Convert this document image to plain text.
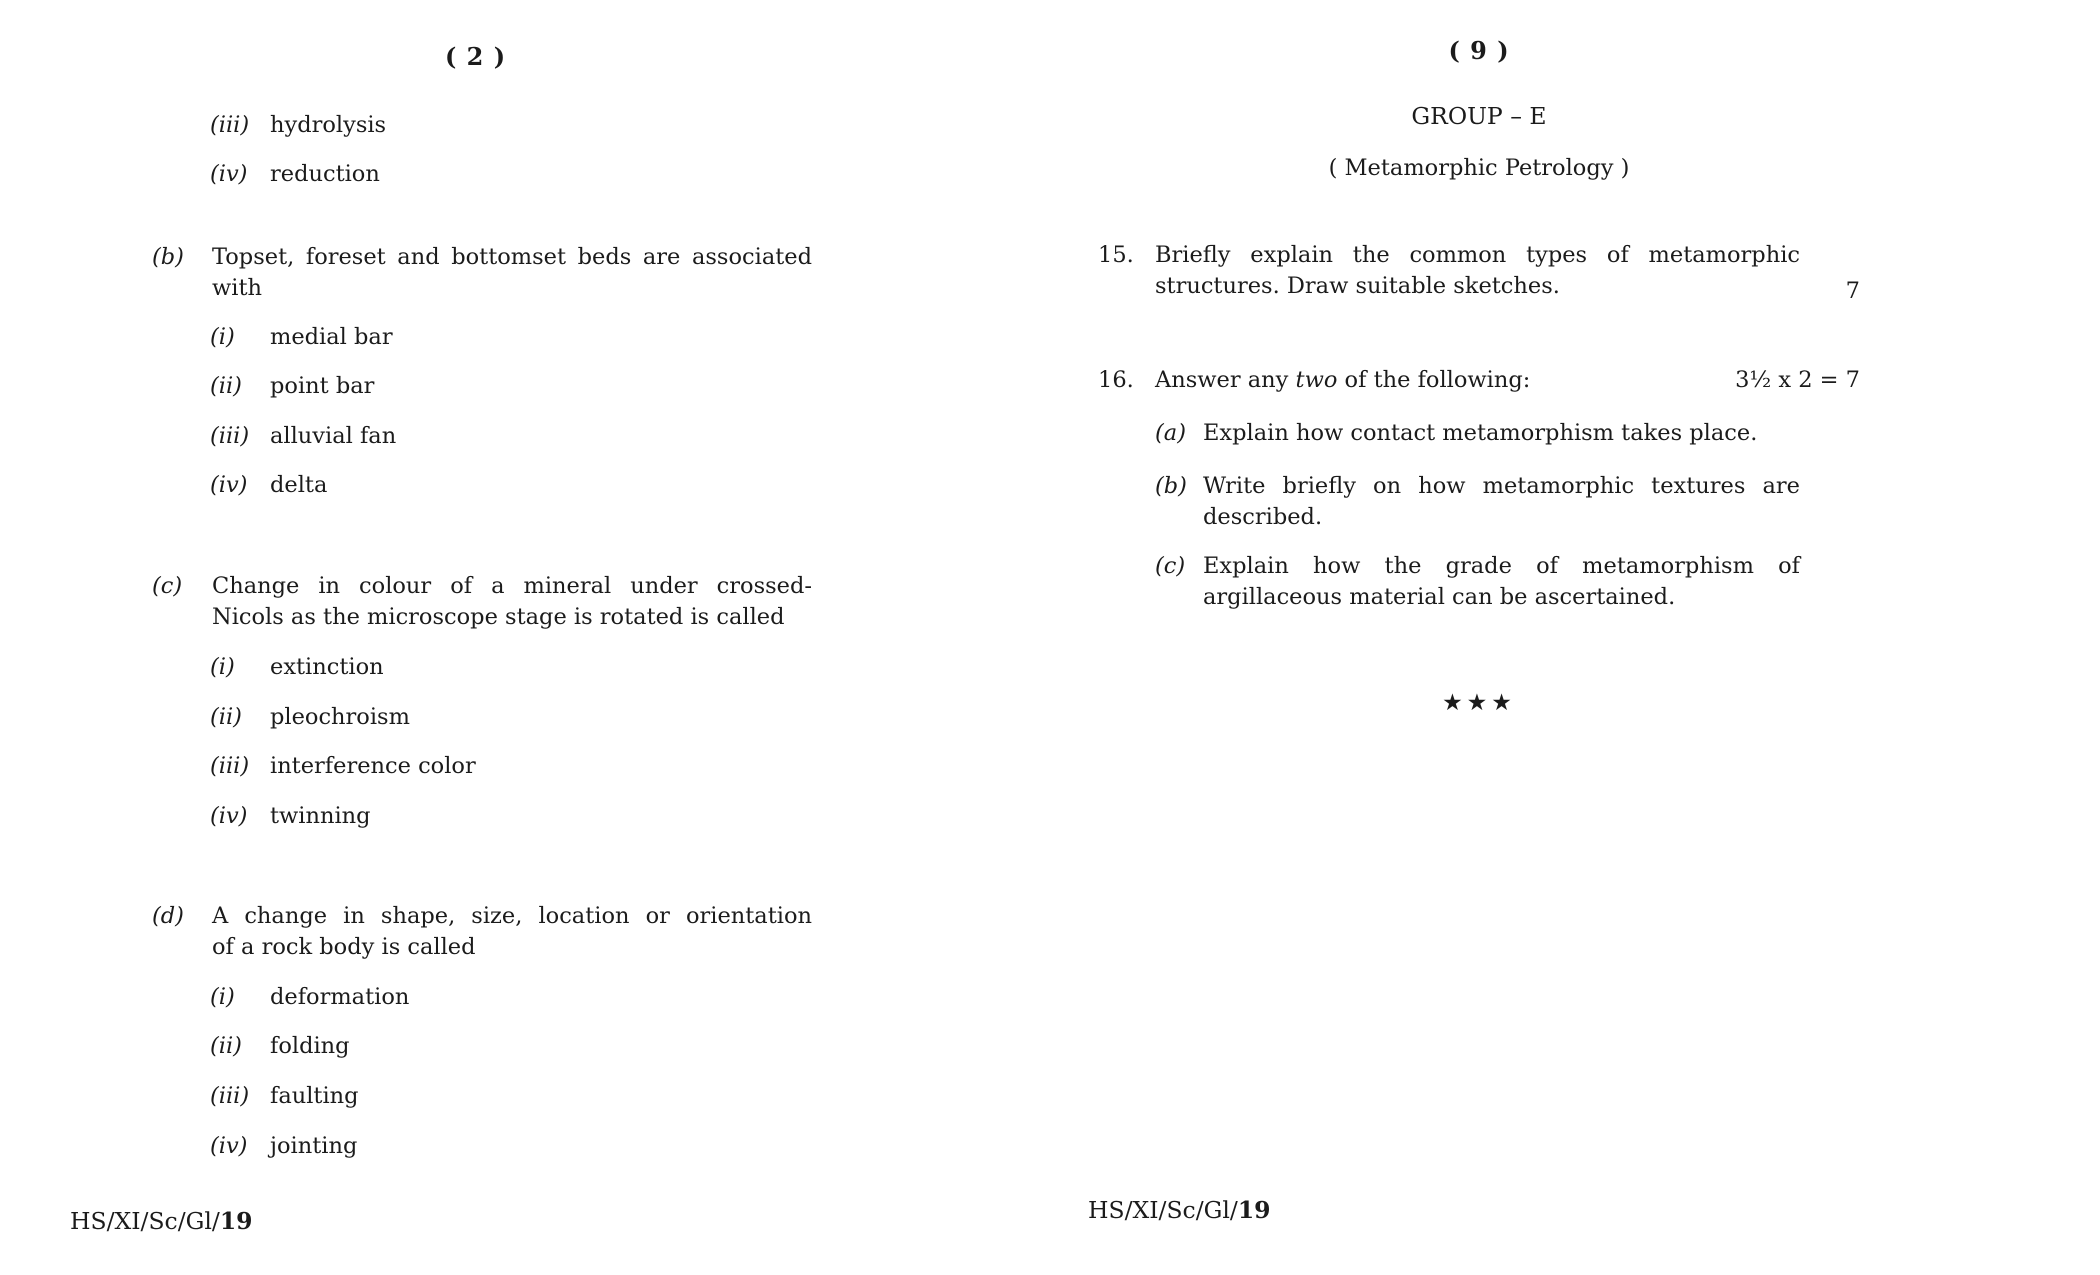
( 2 )
(iii) hydrolysis
(iv) reduction
(b) Topset, foreset and bottomset beds are associated
with
(i) medial bar
(ii) point bar
(iii) alluvial fan
(iv) delta
(c) Change in colour of a mineral under crossed-
Nicols as the microscope stage is rotated is called
(i) extinction
(ii) pleochroism
(iii) interference color
(iv) twinning
(d) A change in shape, size, location or orientation
of a rock body is called
(i) deformation
(ii) folding
(iii) faulting
(iv) jointing
HS/XI/Sc/Gl/19
( 9 )
GROUP – E
( Metamorphic Petrology )
15. Briefly explain the common types of metamorphic
structures. Draw suitable sketches.	7
16. Answer any two of the following:	3½ x 2 = 7
(a) Explain how contact metamorphism takes place.
(b) Write briefly on how metamorphic textures are
described.
(c) Explain how the grade of metamorphism of
argillaceous material can be ascertained.
★★★
HS/XI/Sc/Gl/19
